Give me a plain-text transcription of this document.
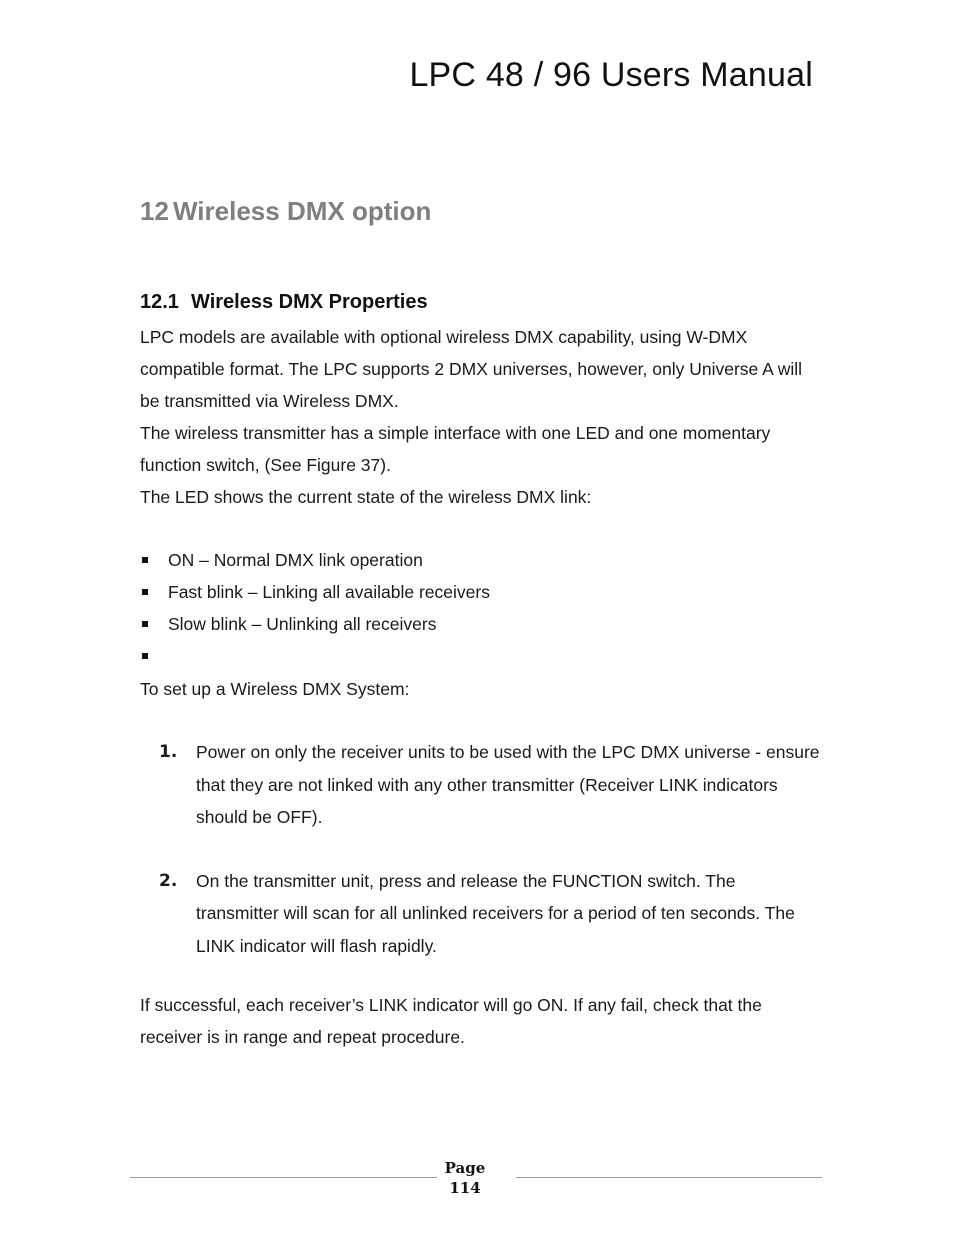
LPC 48 / 96 Users Manual
12 Wireless DMX option
12.1 Wireless DMX Properties

LPC models are available with optional wireless DMX capability, using W-DMX compatible format. The LPC supports 2 DMX universes, however, only Universe A will be transmitted via Wireless DMX.

The wireless transmitter has a simple interface with one LED and one momentary function switch, (See Figure 37).

The LED shows the current state of the wireless DMX link:

ON – Normal DMX link operation
Fast blink – Linking all available receivers
Slow blink – Unlinking all receivers
To set up a Wireless DMX System:
1. Power on only the receiver units to be used with the LPC DMX universe - ensure that they are not linked with any other transmitter (Receiver LINK indicators should be OFF).
2. On the transmitter unit, press and release the FUNCTION switch. The transmitter will scan for all unlinked receivers for a period of ten seconds. The LINK indicator will flash rapidly.
If successful, each receiver’s LINK indicator will go ON. If any fail, check that the receiver is in range and repeat procedure.
Page
114
